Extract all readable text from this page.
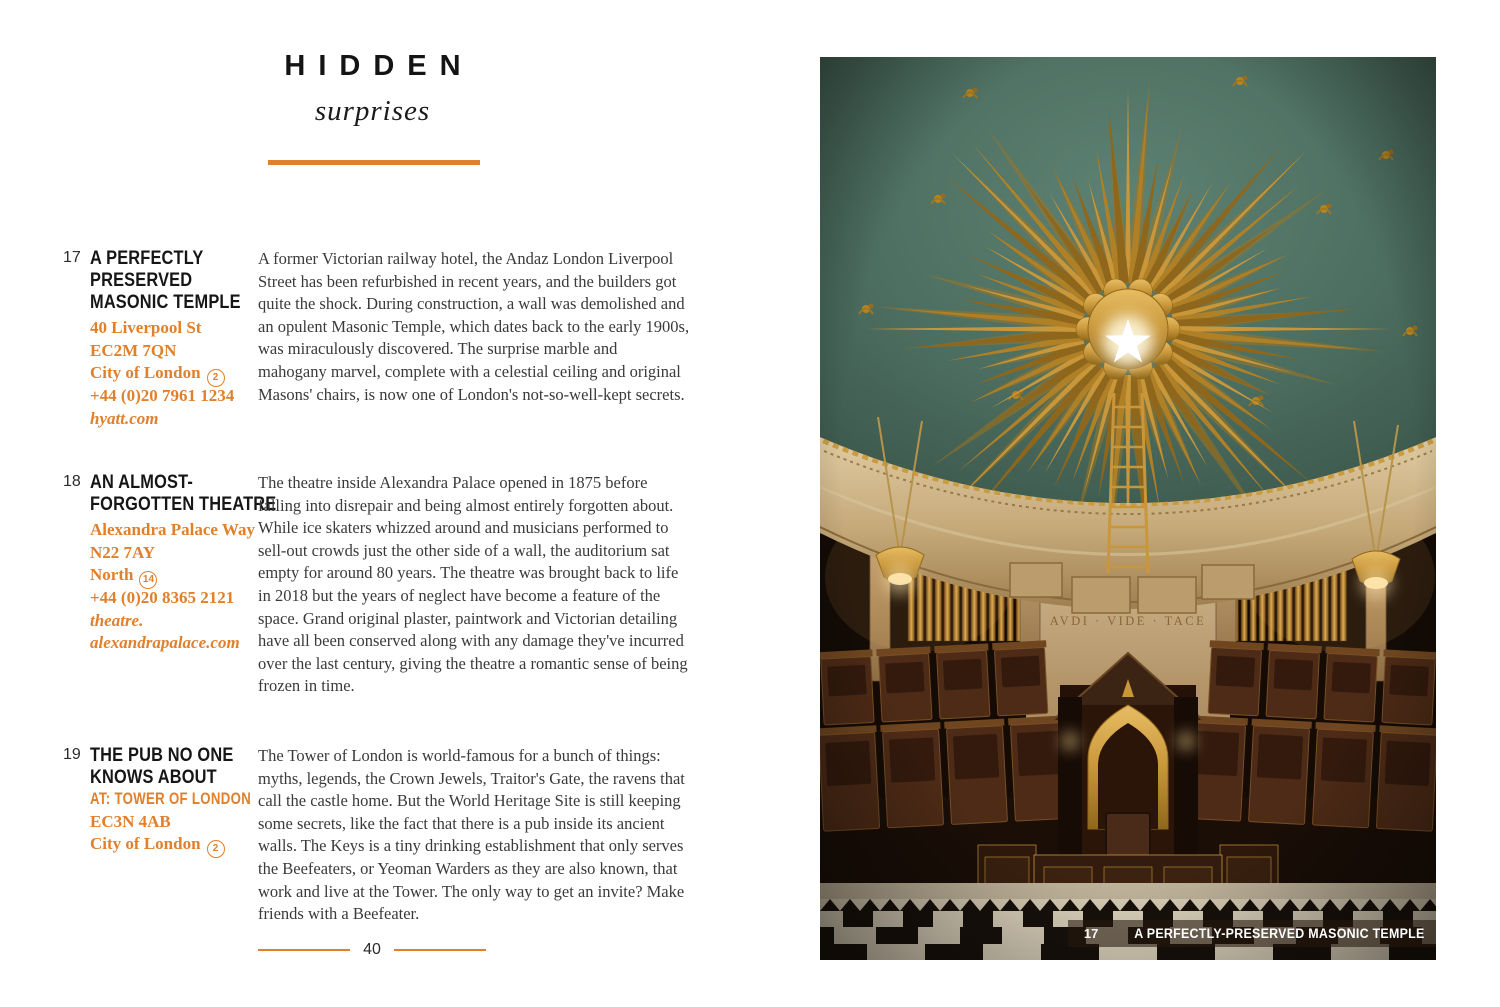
HIDDEN
surprises
17 A PERFECTLY
PRESERVED
MASONIC TEMPLE
40 Liverpool St
EC2M 7QN
City of London 2
+44 (0)20 7961 1234
hyatt.com
A former Victorian railway hotel, the Andaz London Liverpool Street has been refurbished in recent years, and the builders got quite the shock. During construction, a wall was demolished and an opulent Masonic Temple, which dates back to the early 1900s, was miraculously discovered. The surprise marble and mahogany marvel, complete with a celestial ceiling and original Masons' chairs, is now one of London's not-so-well-kept secrets.
18 AN ALMOST-
FORGOTTEN THEATRE
Alexandra Palace Way
N22 7AY
North 14
+44 (0)20 8365 2121
theatre.
alexandrapalace.com
The theatre inside Alexandra Palace opened in 1875 before falling into disrepair and being almost entirely forgotten about. While ice skaters whizzed around and musicians performed to sell-out crowds just the other side of a wall, the auditorium sat empty for around 80 years. The theatre was brought back to life in 2018 but the years of neglect have become a feature of the space. Grand original plaster, paintwork and Victorian detailing have all been conserved along with any damage they've incurred over the last century, giving the theatre a romantic sense of being frozen in time.
19 THE PUB NO ONE
KNOWS ABOUT
AT: TOWER OF LONDON
EC3N 4AB
City of London 2
The Tower of London is world-famous for a bunch of things: myths, legends, the Crown Jewels, Traitor's Gate, the ravens that call the castle home. But the World Heritage Site is still keeping some secrets, like the fact that there is a pub inside its ancient walls. The Keys is a tiny drinking establishment that only serves the Beefeaters, or Yeoman Warders as they are also known, that work and live at the Tower. The only way to get an invite? Make friends with a Beefeater.
40
17	A PERFECTLY-PRESERVED MASONIC TEMPLE
